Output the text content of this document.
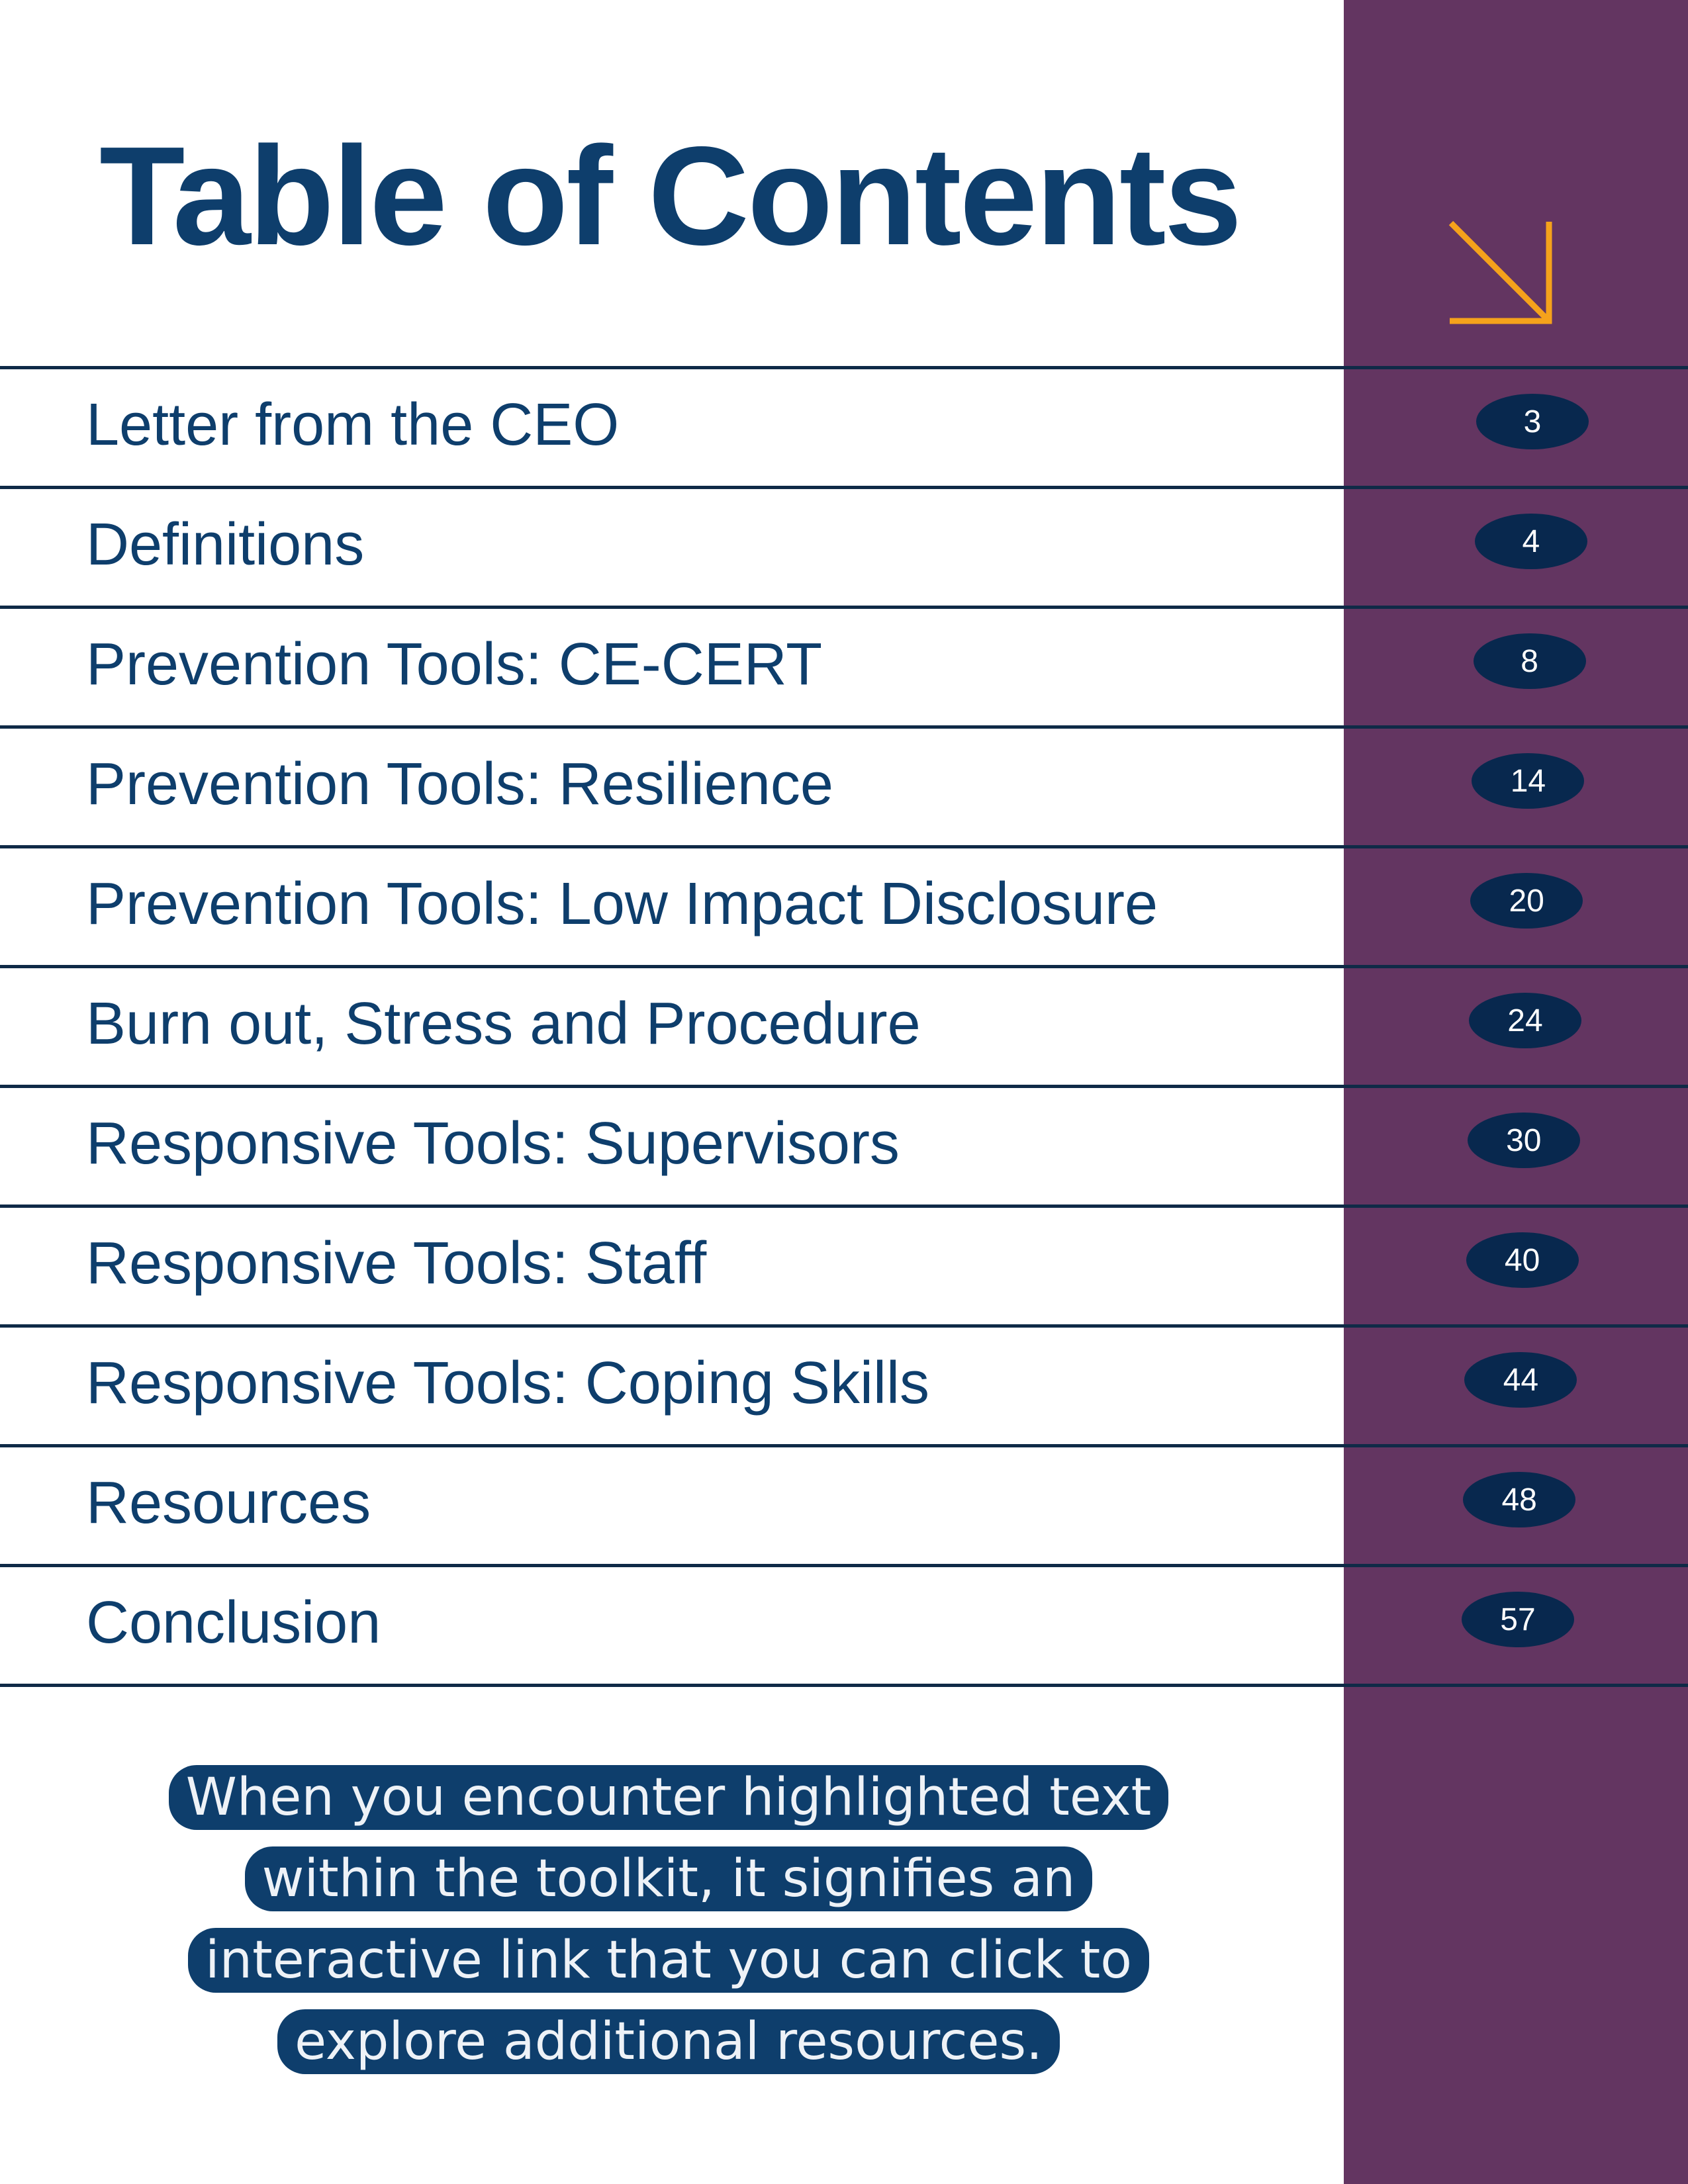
Table of Contents
Letter from the CEO	3
Definitions	4
Prevention Tools: CE-CERT	8
Prevention Tools: Resilience	14
Prevention Tools: Low Impact Disclosure	20
Burn out, Stress and Procedure	24
Responsive Tools: Supervisors	30
Responsive Tools: Staff	40
Responsive Tools: Coping Skills	44
Resources	48
Conclusion	57
When you encounter highlighted text within the toolkit, it signifies an interactive link that you can click to explore additional resources.
